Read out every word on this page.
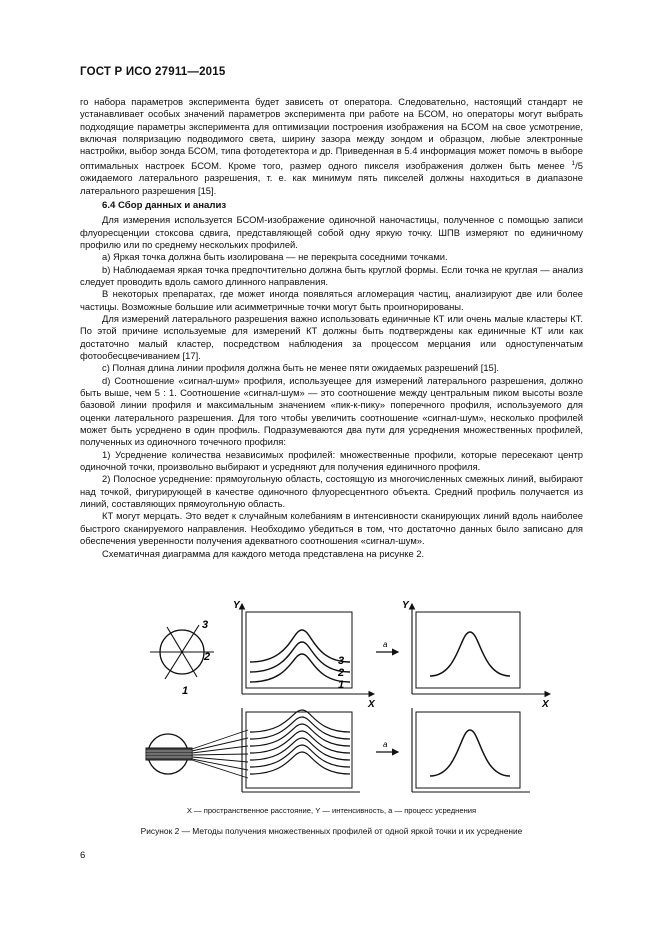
ГОСТ Р ИСО 27911—2015

го набора параметров эксперимента будет зависеть от оператора. Следовательно, настоящий стандарт не устанавливает особых значений параметров эксперимента при работе на БСОМ, но операторы могут выбрать подходящие параметры эксперимента для оптимизации построения изображения на БСОМ на свое усмотрение, включая поляризацию подводимого света, ширину зазора между зондом и образцом, любые электронные настройки, выбор зонда БСОМ, типа фотодетектора и др. Приведенная в 5.4 информация может помочь в выборе оптимальных настроек БСОМ. Кроме того, размер одного пикселя изображения должен быть менее $^1$/5 ожидаемого латерального разрешения, т. е. как минимум пять пикселей должны находиться в диапазоне латерального разрешения [15].

6.4 Сбор данных и анализ

Для измерения используется БСОМ-изображение одиночной наночастицы, полученное с помощью записи флуоресценции стоксова сдвига, представляющей собой одну яркую точку. ШПВ измеряют по единичному профилю или по среднему нескольких профилей.

а) Яркая точка должна быть изолирована — не перекрыта соседними точками.

b) Наблюдаемая яркая точка предпочтительно должна быть круглой формы. Если точка не круглая — анализ следует проводить вдоль самого длинного направления.

В некоторых препаратах, где может иногда появляться агломерация частиц, анализируют две или более частицы. Возможные большие или асимметричные точки могут быть проигнорированы.

Для измерений латерального разрешения важно использовать единичные КТ или очень малые кластеры КТ. По этой причине используемые для измерений КТ должны быть подтверждены как единичные КТ или как достаточно малый кластер, посредством наблюдения за процессом мерцания или одноступенчатым фотообесцвечиванием [17].

с) Полная длина линии профиля должна быть не менее пяти ожидаемых разрешений [15].

d) Соотношение «сигнал-шум» профиля, используещее для измерений латерального разрешения, должно быть выше, чем 5 : 1. Соотношение «сигнал-шум» — это соотношение между центральным пиком высоты возле базовой линии профиля и максимальным значением «пик-к-пику» поперечного профиля, используемого для оценки латерального разрешения. Для того чтобы увеличить соотношение «сигнал-шум», несколько профилей может быть усреднено в один профиль. Подразумеваются два пути для усреднения множественных профилей, полученных из одиночного точечного профиля:

1) Усреднение количества независимых профилей: множественные профили, которые пересекают центр одиночной точки, произвольно выбирают и усредняют для получения единичного профиля.

2) Полосное усреднение: прямоугольную область, состоящую из многочисленных смежных линий, выбирают над точкой, фигурирующей в качестве одиночного флуоресцентного объекта. Средний профиль получается из линий, составляющих прямоугольную область.

КТ могут мерцать. Это ведет к случайным колебаниям в интенсивности сканирующих линий вдоль наиболее быстрого сканируемого направления. Необходимо убедиться в том, что достаточно данных было записано для обеспечения уверенности получения адекватного соотношения «сигнал-шум».

Схематичная диаграмма для каждого метода представлена на рисунке 2.

3
2
1
Y
X
3
2
1
a
Y
X
a
X — пространственное расстояние, Y — интенсивность, a — процесс усреднения
Рисунок 2 — Методы получения множественных профилей от одной яркой точки и их усреднение
6
